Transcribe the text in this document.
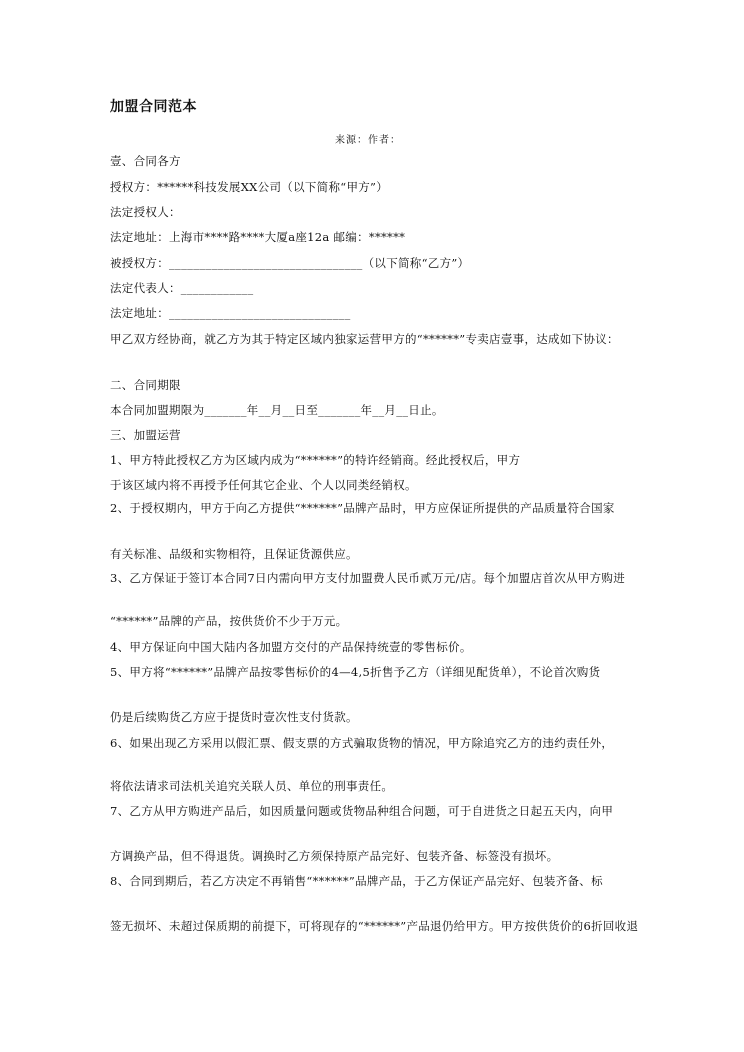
加盟合同范本
来源：作者：
壹、合同各方
授权方：******科技发展XX公司（以下简称“甲方”）
法定授权人：
法定地址：上海市****路****大厦a座12a 邮编：******
被授权方：________________________________（以下简称“乙方”）
法定代表人：____________
法定地址：______________________________
甲乙双方经协商，就乙方为其于特定区域内独家运营甲方的“******”专卖店壹事，达成如下协议：
二、合同期限
本合同加盟期限为_______年__月__日至_______年__月__日止。
三、加盟运营
1、甲方特此授权乙方为区域内成为“******”的特许经销商。经此授权后，甲方
于该区域内将不再授予任何其它企业、个人以同类经销权。
2、于授权期内，甲方于向乙方提供“******”品牌产品时，甲方应保证所提供的产品质量符合国家
有关标准、品级和实物相符，且保证货源供应。
3、乙方保证于签订本合同7日内需向甲方支付加盟费人民币贰万元/店。每个加盟店首次从甲方购进
“******”品牌的产品，按供货价不少于万元。
4、甲方保证向中国大陆内各加盟方交付的产品保持统壹的零售标价。
5、甲方将“******”品牌产品按零售标价的4—4,5折售予乙方（详细见配货单），不论首次购货
仍是后续购货乙方应于提货时壹次性支付货款。
6、如果出现乙方采用以假汇票、假支票的方式骗取货物的情况，甲方除追究乙方的违约责任外，
将依法请求司法机关追究关联人员、单位的刑事责任。
7、乙方从甲方购进产品后，如因质量问题或货物品种组合问题，可于自进货之日起五天内，向甲
方调换产品，但不得退货。调换时乙方须保持原产品完好、包装齐备、标签没有损坏。
8、合同到期后，若乙方决定不再销售“******”品牌产品，于乙方保证产品完好、包装齐备、标
签无损坏、未超过保质期的前提下，可将现存的“******”产品退仍给甲方。甲方按供货价的6折回收退
